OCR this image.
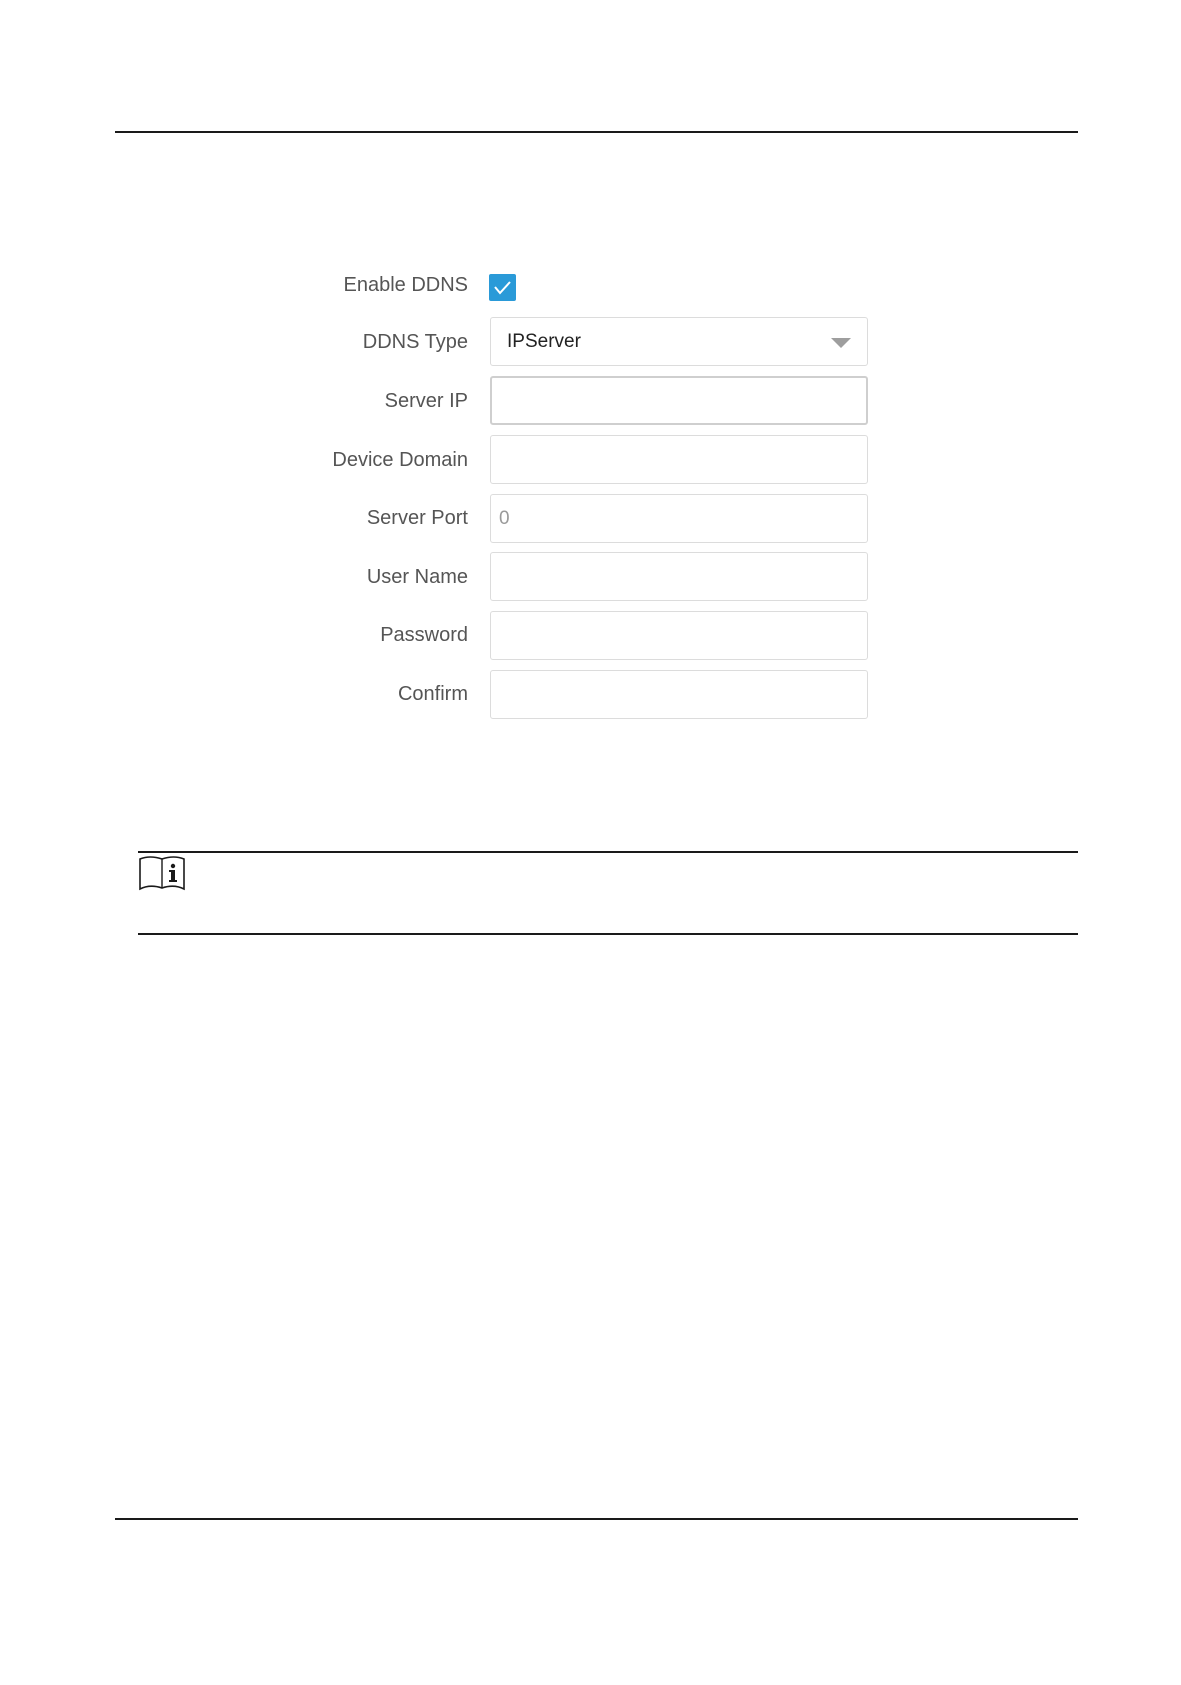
Enable DDNS
DDNS Type	IPServer
Server IP
Device Domain
Server Port	0
User Name
Password
Confirm
